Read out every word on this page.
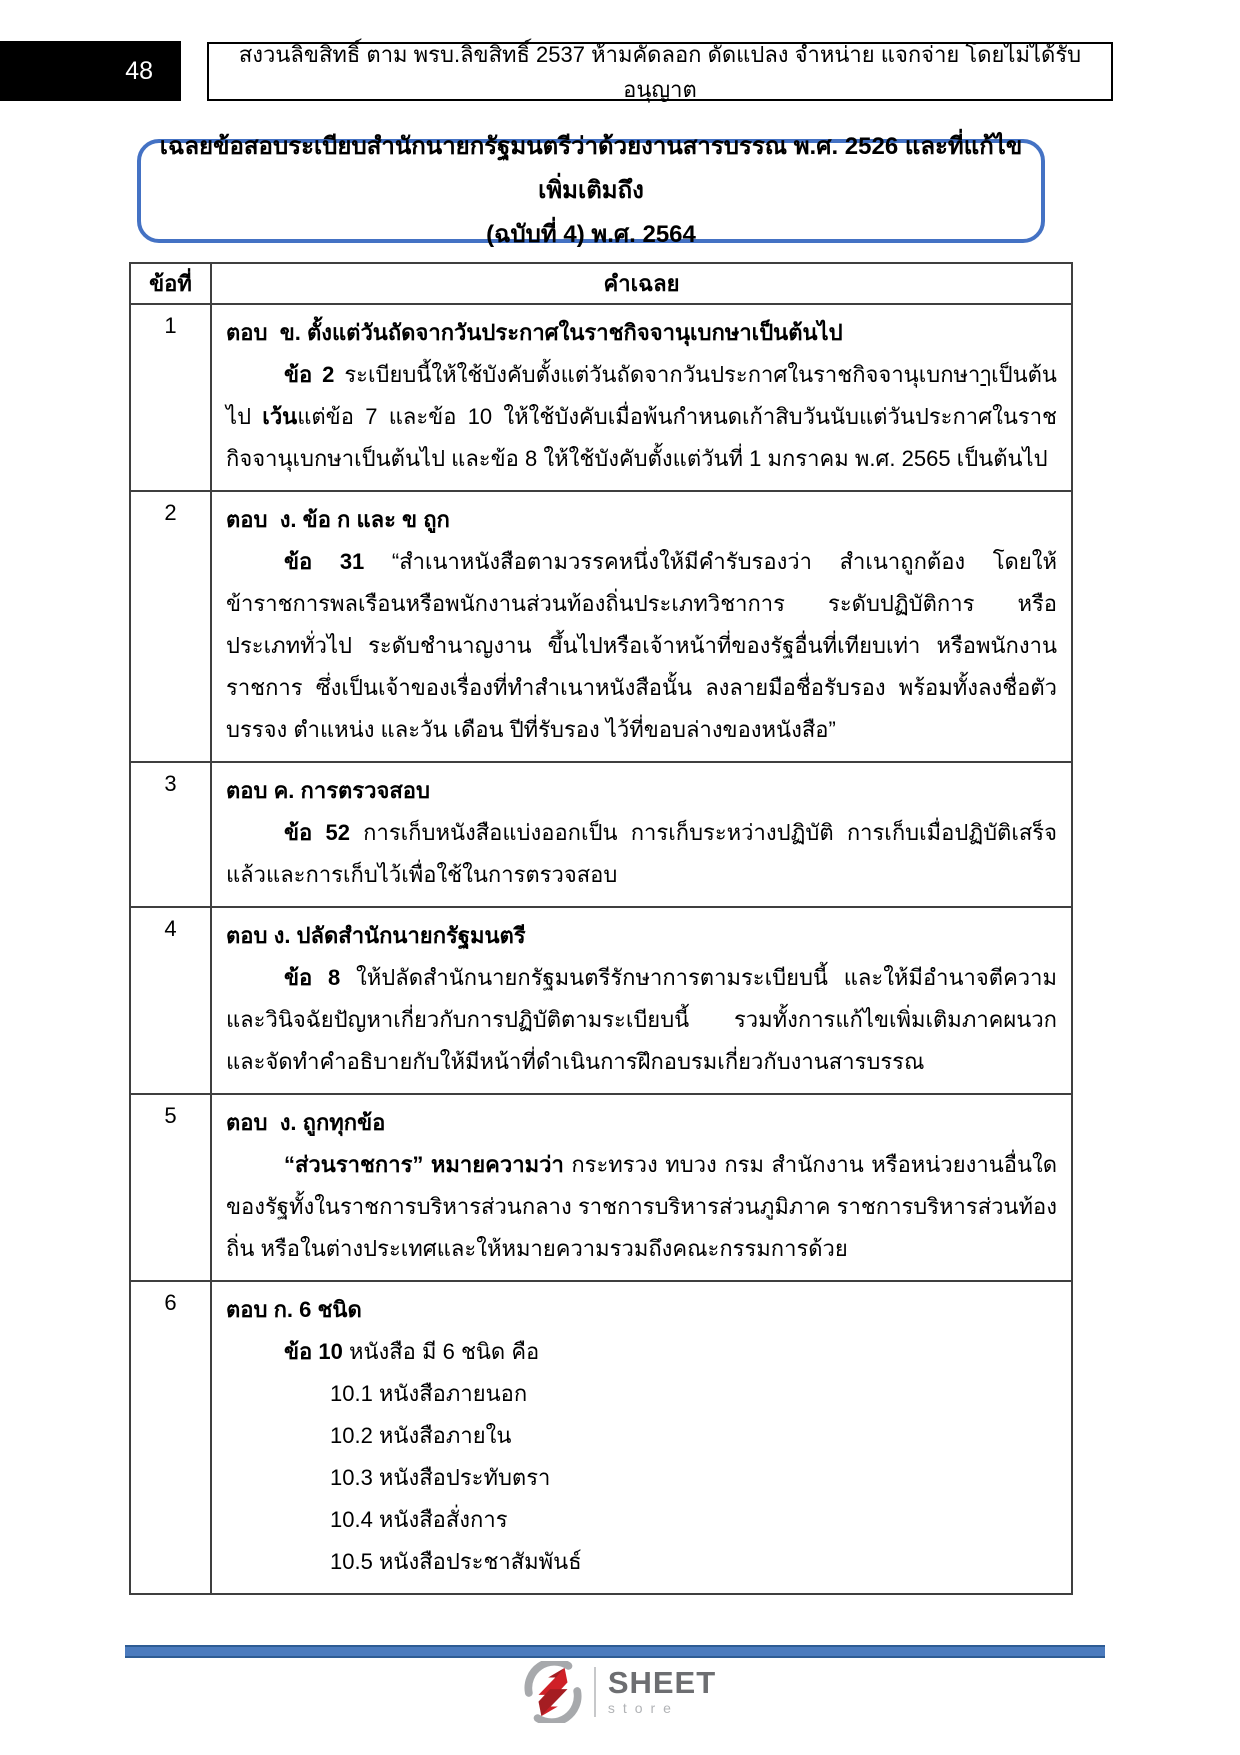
48
สงวนลิขสิทธิ์ ตาม พรบ.ลิขสิทธิ์ 2537 ห้ามคัดลอก ดัดแปลง จำหน่าย แจกจ่าย โดยไม่ได้รับอนุญาต
เฉลยข้อสอบระเบียบสำนักนายกรัฐมนตรีว่าด้วยงานสารบรรณ พ.ศ. 2526 และที่แก้ไขเพิ่มเติมถึง
(ฉบับที่ 4) พ.ศ. 2564
ข้อที่	คำเฉลย
1	ตอบ  ข. ตั้งแต่วันถัดจากวันประกาศในราชกิจจานุเบกษาเป็นต้นไป
ข้อ 2 ระเบียบนี้ให้ใช้บังคับตั้งแต่วันถัดจากวันประกาศในราชกิจจานุเบกษาๅเป็นต้นไป เว้นแต่ข้อ 7 และข้อ 10 ให้ใช้บังคับเมื่อพ้นกำหนดเก้าสิบวันนับแต่วันประกาศในราชกิจจานุเบกษาเป็นต้นไป และข้อ 8 ให้ใช้บังคับตั้งแต่วันที่ 1 มกราคม พ.ศ. 2565 เป็นต้นไป

2	ตอบ  ง. ข้อ ก และ ข ถูก
ข้อ 31 “สำเนาหนังสือตามวรรคหนึ่งให้มีคำรับรองว่า สำเนาถูกต้อง โดยให้ข้าราชการพลเรือนหรือพนักงานส่วนท้องถิ่นประเภทวิชาการ ระดับปฏิบัติการ หรือประเภททั่วไป ระดับชำนาญงาน ขึ้นไปหรือเจ้าหน้าที่ของรัฐอื่นที่เทียบเท่า หรือพนักงานราชการ ซึ่งเป็นเจ้าของเรื่องที่ทำสำเนาหนังสือนั้น ลงลายมือชื่อรับรอง พร้อมทั้งลงชื่อตัวบรรจง ตำแหน่ง และวัน เดือน ปีที่รับรอง ไว้ที่ขอบล่างของหนังสือ”

3	ตอบ ค. การตรวจสอบ
ข้อ 52 การเก็บหนังสือแบ่งออกเป็น การเก็บระหว่างปฏิบัติ การเก็บเมื่อปฏิบัติเสร็จแล้วและการเก็บไว้เพื่อใช้ในการตรวจสอบ

4	ตอบ ง. ปลัดสำนักนายกรัฐมนตรี
ข้อ 8 ให้ปลัดสำนักนายกรัฐมนตรีรักษาการตามระเบียบนี้ และให้มีอำนาจตีความและวินิจฉัยปัญหาเกี่ยวกับการปฏิบัติตามระเบียบนี้ รวมทั้งการแก้ไขเพิ่มเติมภาคผนวกและจัดทำคำอธิบายกับให้มีหน้าที่ดำเนินการฝึกอบรมเกี่ยวกับงานสารบรรณ

5	ตอบ  ง. ถูกทุกข้อ
“ส่วนราชการ” หมายความว่า กระทรวง ทบวง กรม สำนักงาน หรือหน่วยงานอื่นใดของรัฐทั้งในราชการบริหารส่วนกลาง ราชการบริหารส่วนภูมิภาค ราชการบริหารส่วนท้องถิ่น หรือในต่างประเทศและให้หมายความรวมถึงคณะกรรมการด้วย

6	ตอบ ก. 6 ชนิด
ข้อ 10 หนังสือ มี 6 ชนิด คือ
10.1 หนังสือภายนอก
10.2 หนังสือภายใน
10.3 หนังสือประทับตรา
10.4 หนังสือสั่งการ
10.5 หนังสือประชาสัมพันธ์
SHEET
store
